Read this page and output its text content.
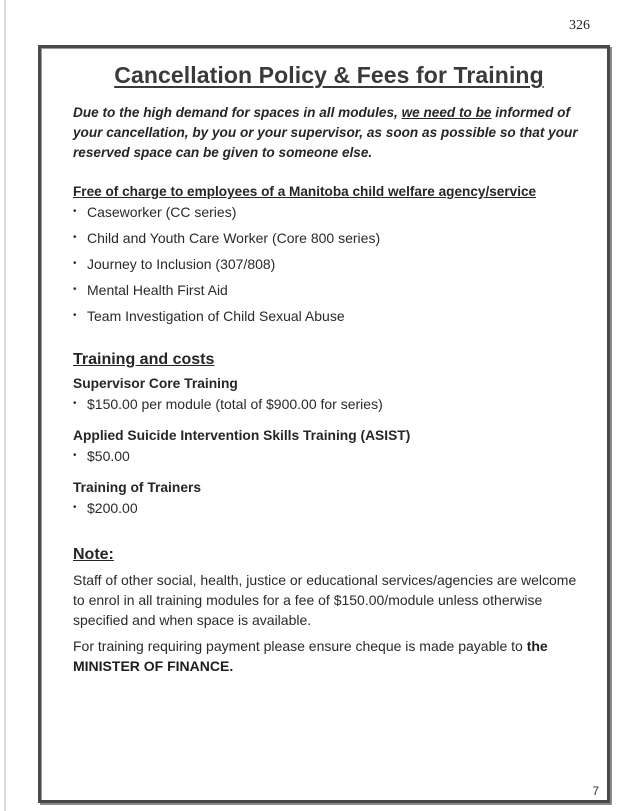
326
Cancellation Policy & Fees for Training

Due to the high demand for spaces in all modules, we need to be informed of your cancellation, by you or your supervisor, as soon as possible so that your reserved space can be given to someone else.

Free of charge to employees of a Manitoba child welfare agency/service
• Caseworker (CC series)
• Child and Youth Care Worker (Core 800 series)
• Journey to Inclusion (307/808)
• Mental Health First Aid
• Team Investigation of Child Sexual Abuse
Training and costs
Supervisor Core Training
• $150.00 per module (total of $900.00 for series)
Applied Suicide Intervention Skills Training (ASIST)
• $50.00
Training of Trainers
• $200.00
Note:

Staff of other social, health, justice or educational services/agencies are welcome to enrol in all training modules for a fee of $150.00/module unless otherwise specified and when space is available.

For training requiring payment please ensure cheque is made payable to the MINISTER OF FINANCE.

7
